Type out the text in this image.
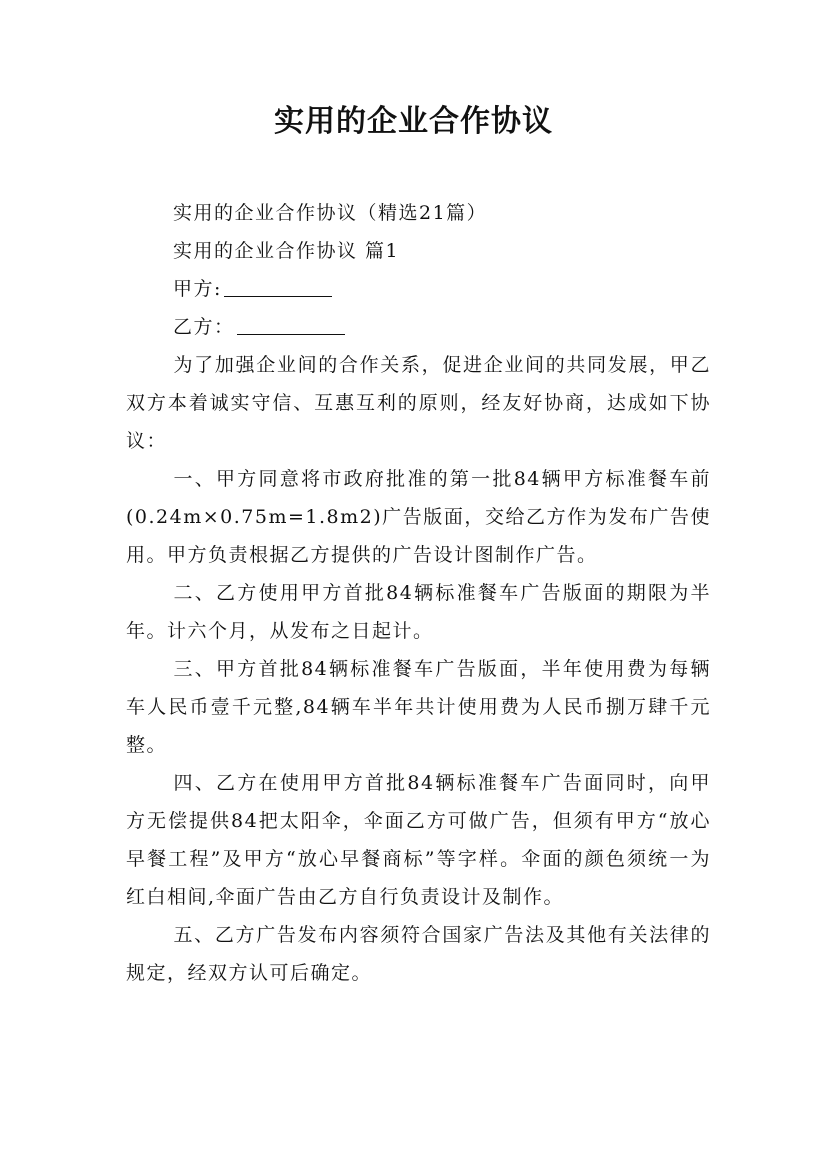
实用的企业合作协议
实用的企业合作协议（精选21篇）
实用的企业合作协议 篇1
甲方:
乙方：

为了加强企业间的合作关系，促进企业间的共同发展，甲乙双方本着诚实守信、互惠互利的原则，经友好协商，达成如下协议：

一、甲方同意将市政府批准的第一批84辆甲方标准餐车前(0.24m×0.75m=1.8m2)广告版面，交给乙方作为发布广告使用。甲方负责根据乙方提供的广告设计图制作广告。

二、乙方使用甲方首批84辆标准餐车广告版面的期限为半年。计六个月，从发布之日起计。

三、甲方首批84辆标准餐车广告版面，半年使用费为每辆车人民币壹千元整,84辆车半年共计使用费为人民币捌万肆千元整。

四、乙方在使用甲方首批84辆标准餐车广告面同时，向甲方无偿提供84把太阳伞，伞面乙方可做广告，但须有甲方“放心早餐工程”及甲方“放心早餐商标”等字样。伞面的颜色须统一为红白相间,伞面广告由乙方自行负责设计及制作。

五、乙方广告发布内容须符合国家广告法及其他有关法律的规定，经双方认可后确定。
